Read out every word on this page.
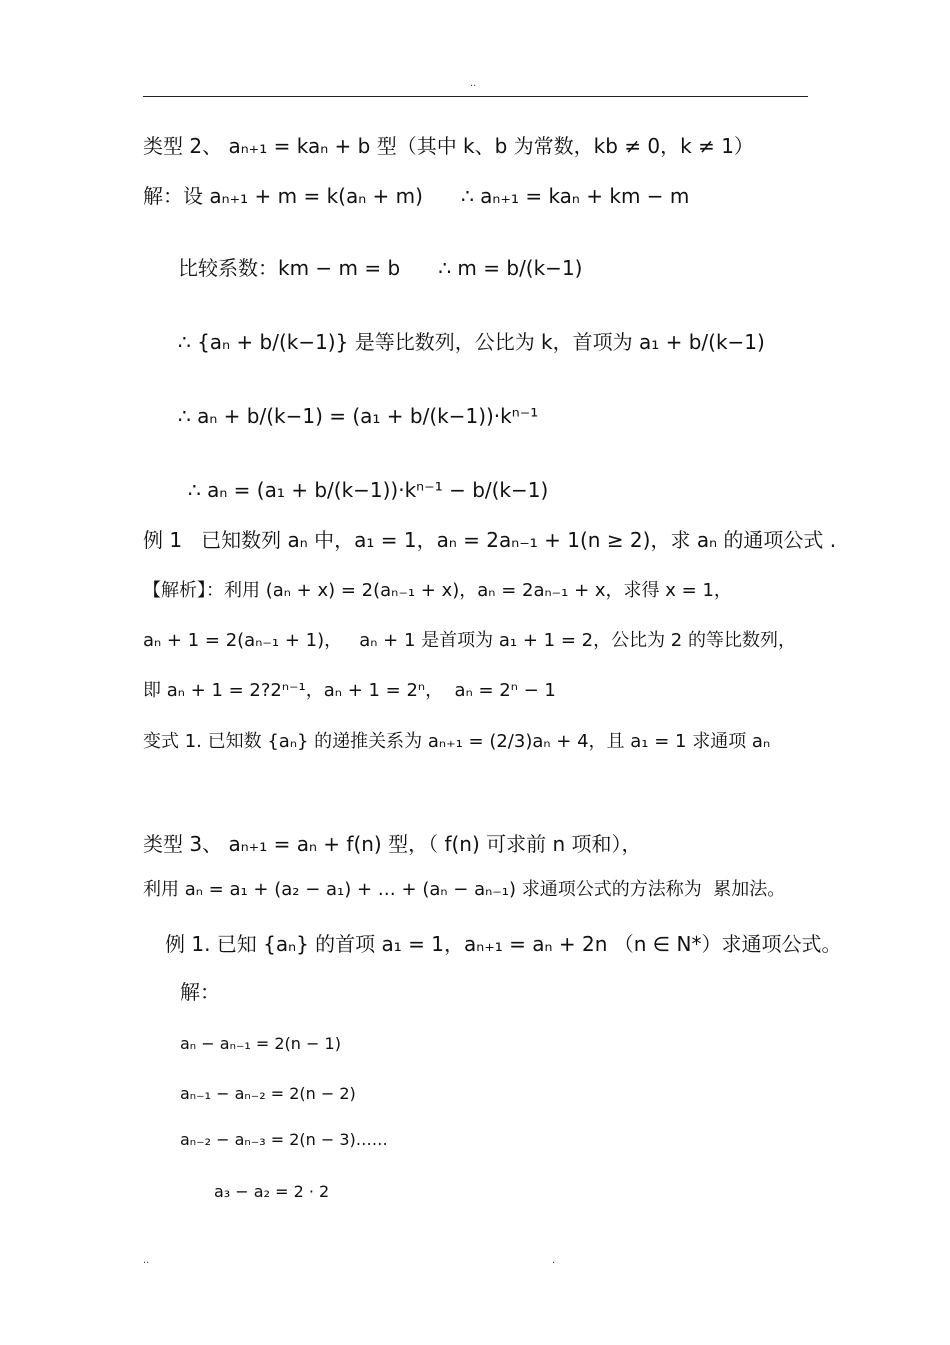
..
类型 2、 aₙ₊₁ = kaₙ + b 型（其中 k、b 为常数，kb ≠ 0，k ≠ 1）
解：设 aₙ₊₁ + m = k(aₙ + m)      ∴ aₙ₊₁ = kaₙ + km − m
比较系数：km − m = b      ∴ m = b/(k−1)
∴ {aₙ + b/(k−1)} 是等比数列，公比为 k，首项为 a₁ + b/(k−1)
∴ aₙ + b/(k−1) = (a₁ + b/(k−1))·kⁿ⁻¹
∴ aₙ = (a₁ + b/(k−1))·kⁿ⁻¹ − b/(k−1)
例 1   已知数列 aₙ 中，a₁ = 1，aₙ = 2aₙ₋₁ + 1(n ≥ 2)，求 aₙ 的通项公式 .
【解析】：利用 (aₙ + x) = 2(aₙ₋₁ + x)，aₙ = 2aₙ₋₁ + x，求得 x = 1，
aₙ + 1 = 2(aₙ₋₁ + 1)，   aₙ + 1 是首项为 a₁ + 1 = 2，公比为 2 的等比数列，
即 aₙ + 1 = 2?2ⁿ⁻¹，aₙ + 1 = 2ⁿ，  aₙ = 2ⁿ − 1
变式 1. 已知数 {aₙ} 的递推关系为 aₙ₊₁ = (2/3)aₙ + 4，且 a₁ = 1 求通项 aₙ
类型 3、 aₙ₊₁ = aₙ + f(n) 型，（ f(n) 可求前 n 项和），
利用 aₙ = a₁ + (a₂ − a₁) + … + (aₙ − aₙ₋₁) 求通项公式的方法称为  累加法。
例 1. 已知 {aₙ} 的首项 a₁ = 1，aₙ₊₁ = aₙ + 2n （n ∈ N*）求通项公式。
解：
aₙ − aₙ₋₁ = 2(n − 1)
aₙ₋₁ − aₙ₋₂ = 2(n − 2)
aₙ₋₂ − aₙ₋₃ = 2(n − 3)……
a₃ − a₂ = 2 · 2
..	.
